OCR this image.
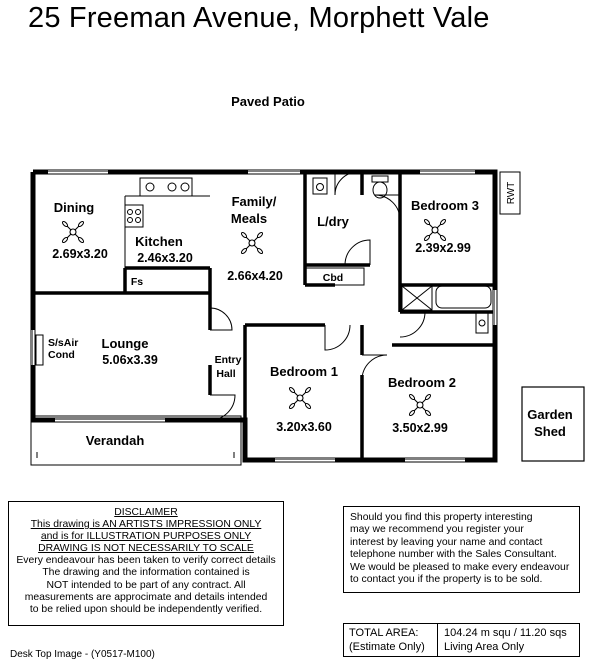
25 Freeman Avenue, Morphett Vale
RWT
Garden
Shed
Paved Patio
Dining
2.69x3.20
Kitchen
2.46x3.20
Family/
Meals
2.66x4.20
L/dry
Cbd
Bedroom 3
2.39x2.99
Fs
Lounge
5.06x3.39
S/sAir
Cond	Entry
Hall	Bedroom 1
3.20x3.60
Bedroom 2
3.50x2.99
Verandah
DISCLAIMER
This drawing is AN ARTISTS IMPRESSION ONLY
and is for ILLUSTRATION PURPOSES ONLY
DRAWING IS NOT NECESSARILY TO SCALE
Every endeavour has been taken to verify correct details
The drawing and the information contained is
NOT intended to be part of any contract. All
measurements are approcimate and details intended
to be relied upon should be independently verified.
Should you find this property interesting
may we recommend you register your
interest by leaving your name and contact
telephone number with the Sales Consultant.
We would be pleased to make every endeavour
to contact you if the property is to be sold.
TOTAL AREA:
(Estimate Only)
104.24 m squ / 11.20 sqs
Living Area Only
Desk Top Image - (Y0517-M100)
